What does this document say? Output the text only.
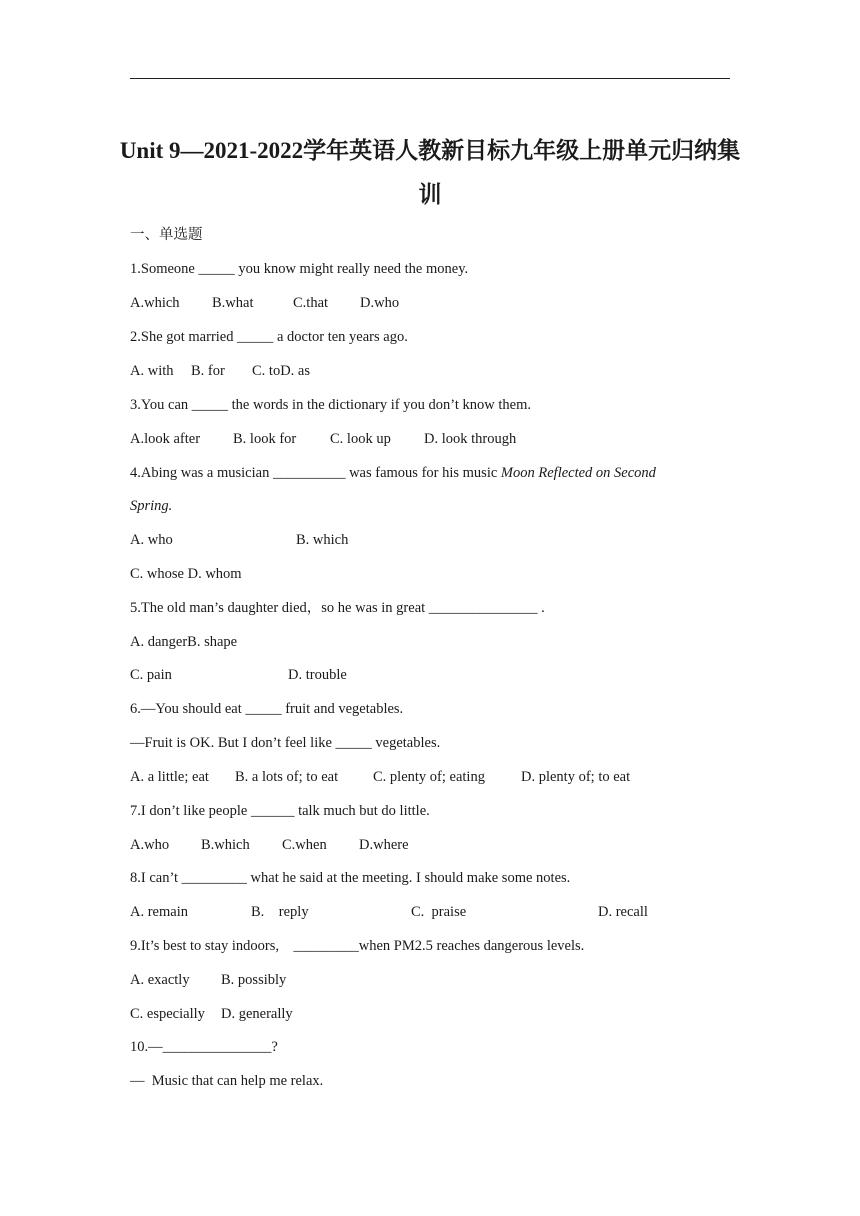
Unit 9—2021-2022学年英语人教新目标九年级上册单元归纳集
训
一、单选题
1.Someone _____ you know might really need the money.
A.which B.what	C.that D.who
2.She got married _____ a doctor ten years ago.
A. with B. for C. toD. as
3.You can _____ the words in the dictionary if you don’t know them.
A.look after B. look for C. look up D. look through
4.Abing was a musician __________ was famous for his music Moon Reflected on Second
Spring.
A. who	B. which
C. whose D. whom
5.The old man’s daughter died，so he was in great _______________ .
A. dangerB. shape
C. pain	D. trouble
6.—You should eat _____ fruit and vegetables.
—Fruit is OK. But I don’t feel like _____ vegetables.
A. a little; eat B. a lots of; to eat C. plenty of; eating D. plenty of; to eat
7.I don’t like people ______ talk much but do little.
A.who B.which C.when D.where
8.I can’t _________ what he said at the meeting. I should make some notes.
A. remain	B.    reply	C.  praise	D. recall
9.It’s best to stay indoors,    _________when PM2.5 reaches dangerous levels.
A. exactly B. possibly
C. especially D. generally
10.—_______________?
—  Music that can help me relax.
